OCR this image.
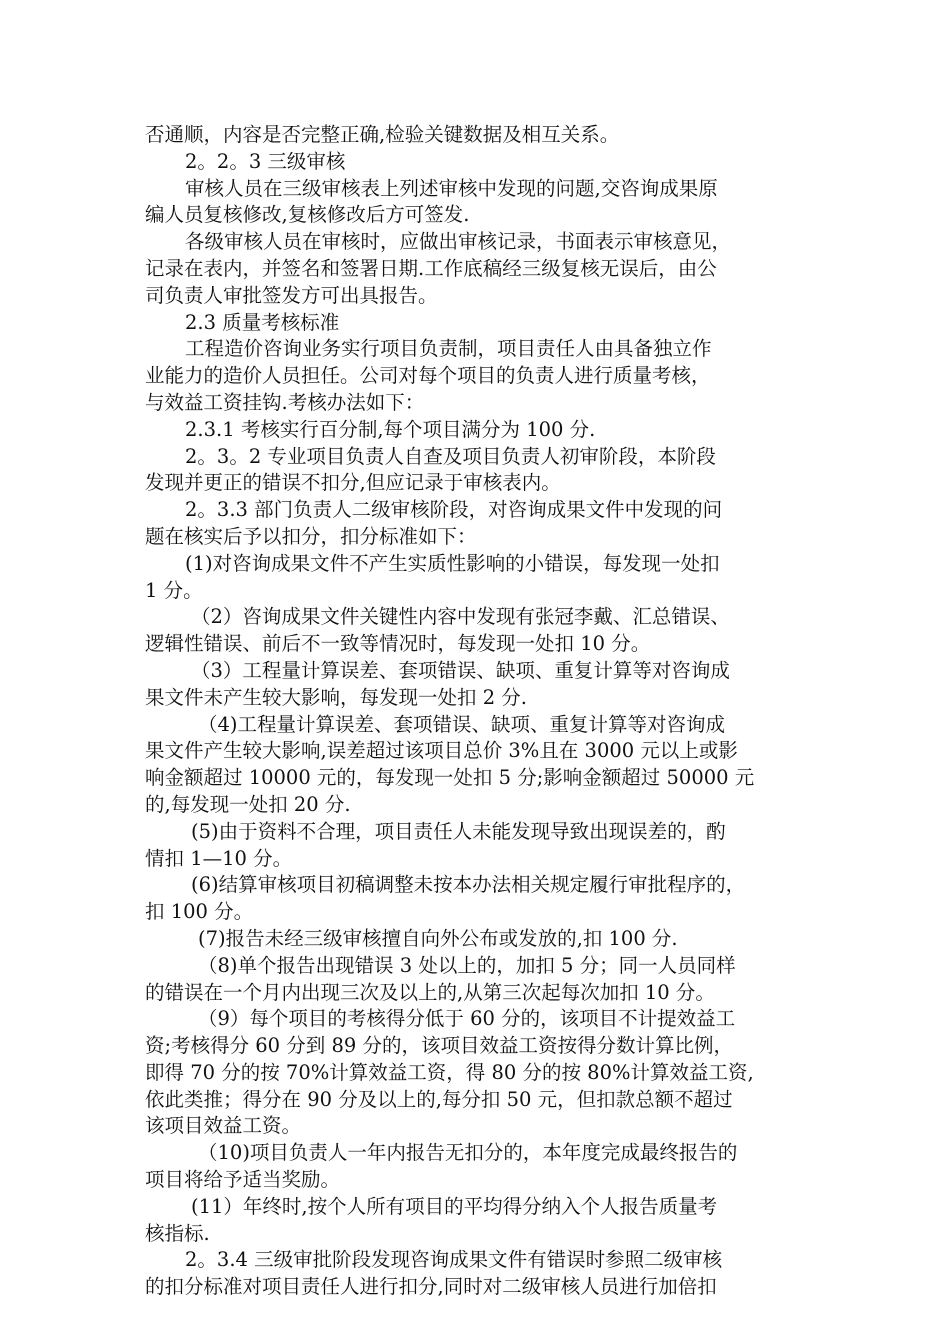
否通顺，内容是否完整正确,检验关键数据及相互关系。
2。2。3 三级审核
审核人员在三级审核表上列述审核中发现的问题,交咨询成果原
编人员复核修改,复核修改后方可签发.
各级审核人员在审核时，应做出审核记录，书面表示审核意见，
记录在表内，并签名和签署日期.工作底稿经三级复核无误后，由公
司负责人审批签发方可出具报告。
2.3 质量考核标准
工程造价咨询业务实行项目负责制，项目责任人由具备独立作
业能力的造价人员担任。公司对每个项目的负责人进行质量考核，
与效益工资挂钩.考核办法如下：
2.3.1 考核实行百分制,每个项目满分为 100 分.
2。3。2 专业项目负责人自查及项目负责人初审阶段，本阶段
发现并更正的错误不扣分,但应记录于审核表内。
2。3.3 部门负责人二级审核阶段，对咨询成果文件中发现的问
题在核实后予以扣分，扣分标准如下：
(1)对咨询成果文件不产生实质性影响的小错误，每发现一处扣
1 分。
（2）咨询成果文件关键性内容中发现有张冠李戴、汇总错误、
逻辑性错误、前后不一致等情况时，每发现一处扣 10 分。
（3）工程量计算误差、套项错误、缺项、重复计算等对咨询成
果文件未产生较大影响，每发现一处扣 2 分.
（4)工程量计算误差、套项错误、缺项、重复计算等对咨询成
果文件产生较大影响,误差超过该项目总价 3%且在 3000 元以上或影
响金额超过 10000 元的，每发现一处扣 5 分;影响金额超过 50000 元
的,每发现一处扣 20 分.
(5)由于资料不合理，项目责任人未能发现导致出现误差的，酌
情扣 1—10 分。
(6)结算审核项目初稿调整未按本办法相关规定履行审批程序的，
扣 100 分。
(7)报告未经三级审核擅自向外公布或发放的,扣 100 分.
（8)单个报告出现错误 3 处以上的，加扣 5 分；同一人员同样
的错误在一个月内出现三次及以上的,从第三次起每次加扣 10 分。
（9）每个项目的考核得分低于 60 分的，该项目不计提效益工
资;考核得分 60 分到 89 分的，该项目效益工资按得分数计算比例，
即得 70 分的按 70%计算效益工资，得 80 分的按 80%计算效益工资,
依此类推；得分在 90 分及以上的,每分扣 50 元，但扣款总额不超过
该项目效益工资。
（10)项目负责人一年内报告无扣分的，本年度完成最终报告的
项目将给予适当奖励。
(11）年终时,按个人所有项目的平均得分纳入个人报告质量考
核指标.
2。3.4 三级审批阶段发现咨询成果文件有错误时参照二级审核
的扣分标准对项目责任人进行扣分,同时对二级审核人员进行加倍扣
